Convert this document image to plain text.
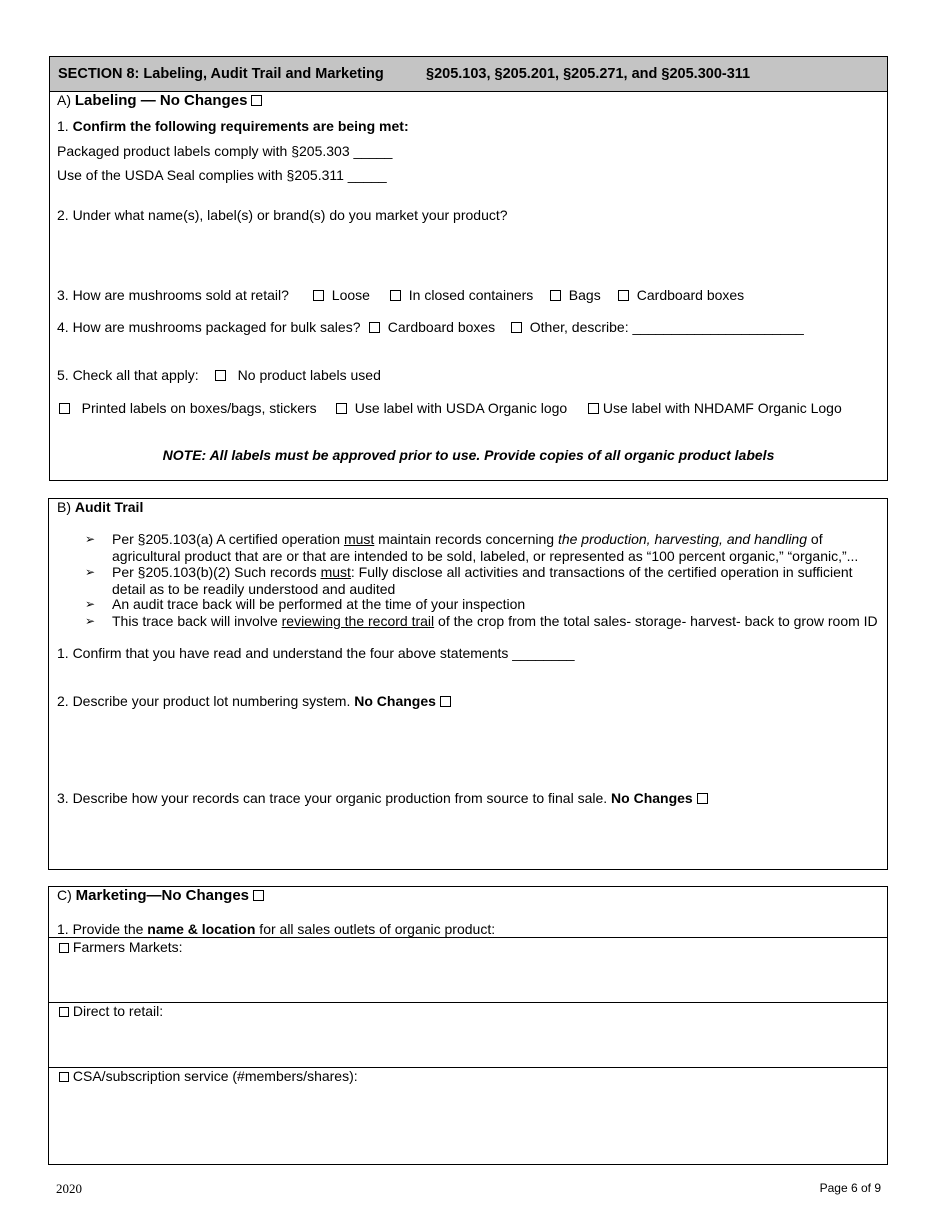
SECTION 8: Labeling, Audit Trail and Marketing	§205.103, §205.201, §205.271, and §205.300-311
A) Labeling — No Changes
1. Confirm the following requirements are being met:
Packaged product labels comply with §205.303 _____
Use of the USDA Seal complies with §205.311 _____
2. Under what name(s), label(s) or brand(s) do you market your product?
3. How are mushrooms sold at retail?	Loose	In closed containers	Bags	Cardboard boxes
4. How are mushrooms packaged for bulk sales?	Cardboard boxes	Other, describe: ______________________
5. Check all that apply:	No product labels used
Printed labels on boxes/bags, stickers	Use label with USDA Organic logo	Use label with NHDAMF Organic Logo
NOTE: All labels must be approved prior to use. Provide copies of all organic product labels
B) Audit Trail
➢ Per §205.103(a) A certified operation must maintain records concerning the production, harvesting, and handling of agricultural product that are or that are intended to be sold, labeled, or represented as “100 percent organic,” “organic,”...
➢ Per §205.103(b)(2) Such records must: Fully disclose all activities and transactions of the certified operation in sufficient detail as to be readily understood and audited
➢ An audit trace back will be performed at the time of your inspection
➢ This trace back will involve reviewing the record trail of the crop from the total sales- storage- harvest- back to grow room ID
1. Confirm that you have read and understand the four above statements ________
2. Describe your product lot numbering system. No Changes
3. Describe how your records can trace your organic production from source to final sale. No Changes
C) Marketing—No Changes
1. Provide the name & location for all sales outlets of organic product:
Farmers Markets:
Direct to retail:
CSA/subscription service (#members/shares):
2020	Page 6 of 9
